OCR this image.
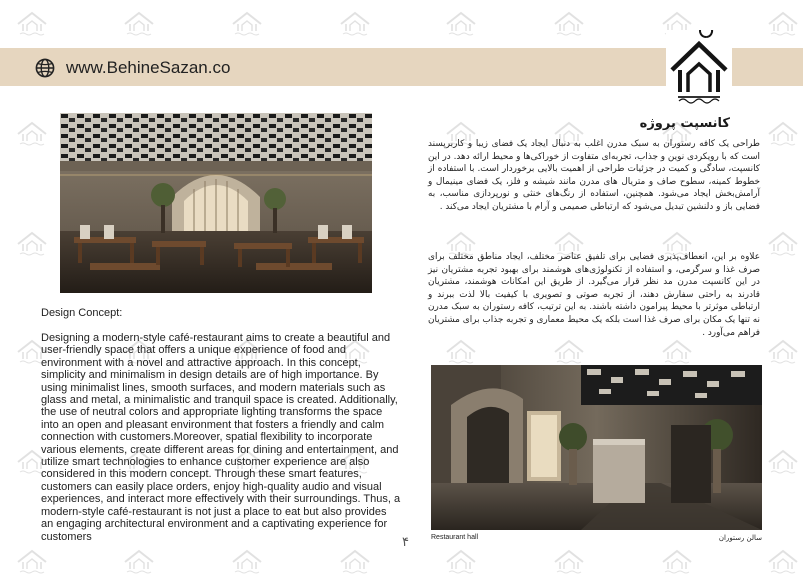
www.BehineSazan.co
Design Concept:

Designing a modern-style café-restaurant aims to create a beautiful and user-friendly space that offers a unique experience of food and environment with a novel and attractive approach. In this concept, simplicity and minimalism in design details are of high importance. By using minimalist lines, smooth surfaces, and modern materials such as glass and metal, a minimalistic and tranquil space is created. Additionally, the use of neutral colors and appropriate lighting transforms the space into an open and pleasant environment that fosters a friendly and calm connection with customers.Moreover, spatial flexibility to incorporate various elements, create different areas for dining and entertainment, and utilize smart technologies to enhance customer experience are also considered in this modern concept. Through these smart features, customers can easily place orders, enjoy high-quality audio and visual experiences, and interact more effectively with their surroundings. Thus, a modern-style café-restaurant is not just a place to eat but also provides an engaging architectural environment and a captivating experience for customers

کانسپت پروژه

طراحی یک کافه رستوران به سبک مدرن اغلب به دنبال ایجاد یک فضای زیبا و کاربرپسند است که با رویکردی نوین و جذاب، تجربه‌ای متفاوت از خوراکی‌ها و محیط ارائه دهد. در این کانسپت، سادگی و کمیت در جزئیات طراحی از اهمیت بالایی برخوردار است. با استفاده از خطوط کمینه، سطوح صاف و متریال های مدرن مانند شیشه و فلز، یک فضای مینیمال و آرامش‌بخش ایجاد می‌شود. همچنین، استفاده از رنگ‌های خنثی و نورپردازی مناسب، به فضایی باز و دلنشین تبدیل می‌شود که ارتباطی صمیمی و آرام با مشتریان ایجاد می‌کند .

علاوه بر این، انعطاف‌پذیری فضایی برای تلفیق عناصر مختلف، ایجاد مناطق مختلف برای صرف غذا و سرگرمی، و استفاده از تکنولوژی‌های هوشمند برای بهبود تجربه مشتریان نیز در این کانسپت مدرن مد نظر قرار می‌گیرد. از طریق این امکانات هوشمند، مشتریان قادرند به راحتی سفارش دهند، از تجربه صوتی و تصویری با کیفیت بالا لذت ببرند و ارتباطی موثرتر با محیط پیرامون داشته باشند. به این ترتیب، کافه رستوران به سبک مدرن نه تنها یک مکان برای صرف غذا است بلکه یک محیط معماری و تجربه جذاب برای مشتریان فراهم می‌آورد .

۴	Restaurant hall	سالن رستوران
